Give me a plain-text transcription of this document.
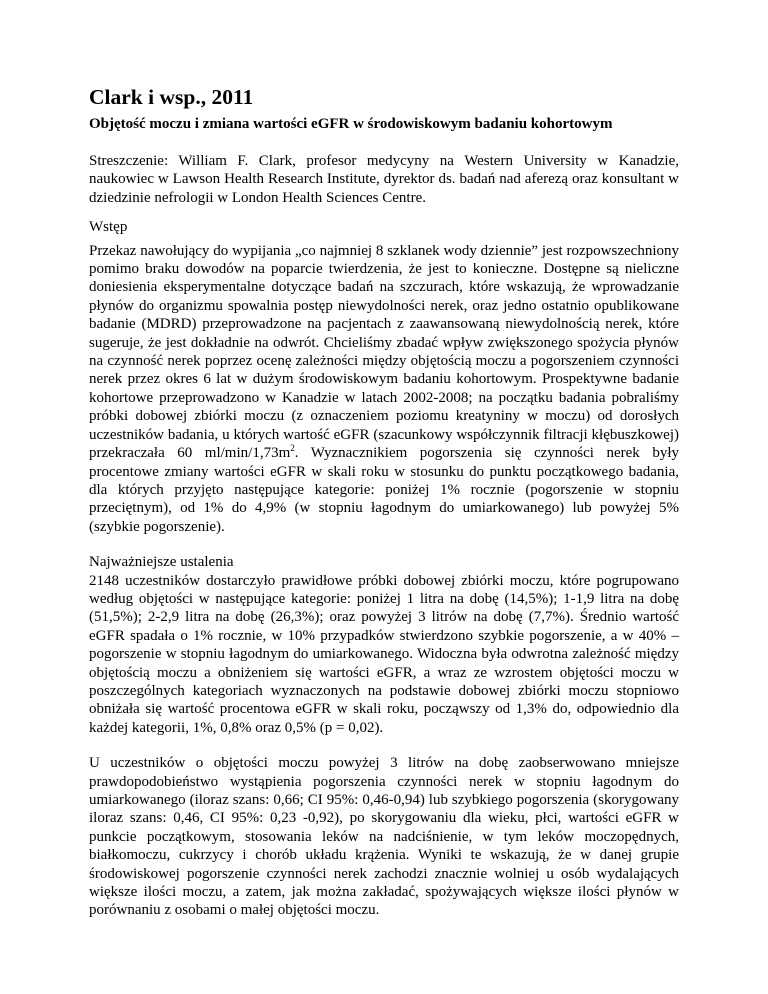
Clark i wsp., 2011

Objętość moczu i zmiana wartości eGFR w środowiskowym badaniu kohortowym

Streszczenie: William F. Clark, profesor medycyny na Western University w Kanadzie, naukowiec w Lawson Health Research Institute, dyrektor ds. badań nad aferezą oraz konsultant w dziedzinie nefrologii w London Health Sciences Centre.

Wstęp

Przekaz nawołujący do wypijania „co najmniej 8 szklanek wody dziennie” jest rozpowszechniony pomimo braku dowodów na poparcie twierdzenia, że jest to konieczne. Dostępne są nieliczne doniesienia eksperymentalne dotyczące badań na szczurach, które wskazują, że wprowadzanie płynów do organizmu spowalnia postęp niewydolności nerek, oraz jedno ostatnio opublikowane badanie (MDRD) przeprowadzone na pacjentach z zaawansowaną niewydolnością nerek, które sugeruje, że jest dokładnie na odwrót. Chcieliśmy zbadać wpływ zwiększonego spożycia płynów na czynność nerek poprzez ocenę zależności między objętością moczu a pogorszeniem czynności nerek przez okres 6 lat w dużym środowiskowym badaniu kohortowym. Prospektywne badanie kohortowe przeprowadzono w Kanadzie w latach 2002-2008; na początku badania pobraliśmy próbki dobowej zbiórki moczu (z oznaczeniem poziomu kreatyniny w moczu) od dorosłych uczestników badania, u których wartość eGFR (szacunkowy współczynnik filtracji kłębuszkowej) przekraczała 60 $ml/\min/1,73m^2$. Wyznacznikiem pogorszenia się czynności nerek były procentowe zmiany wartości eGFR w skali roku w stosunku do punktu początkowego badania, dla których przyjęto następujące kategorie: poniżej 1% rocznie (pogorszenie w stopniu przeciętnym), od 1% do 4,9% (w stopniu łagodnym do umiarkowanego) lub powyżej 5% (szybkie pogorszenie).

Najważniejsze ustalenia

2148 uczestników dostarczyło prawidłowe próbki dobowej zbiórki moczu, które pogrupowano według objętości w następujące kategorie: poniżej 1 litra na dobę (14,5%); 1-1,9 litra na dobę (51,5%); 2-2,9 litra na dobę (26,3%); oraz powyżej 3 litrów na dobę (7,7%). Średnio wartość eGFR spadała o 1% rocznie, w 10% przypadków stwierdzono szybkie pogorszenie, a w 40% – pogorszenie w stopniu łagodnym do umiarkowanego. Widoczna była odwrotna zależność między objętością moczu a obniżeniem się wartości eGFR, a wraz ze wzrostem objętości moczu w poszczególnych kategoriach wyznaczonych na podstawie dobowej zbiórki moczu stopniowo obniżała się wartość procentowa eGFR w skali roku, począwszy od 1,3% do, odpowiednio dla każdej kategorii, 1%, 0,8% oraz 0,5% (p = 0,02).

U uczestników o objętości moczu powyżej 3 litrów na dobę zaobserwowano mniejsze prawdopodobieństwo wystąpienia pogorszenia czynności nerek w stopniu łagodnym do umiarkowanego (iloraz szans: 0,66; CI 95%: 0,46-0,94) lub szybkiego pogorszenia (skorygowany iloraz szans: 0,46, CI 95%: 0,23 -0,92), po skorygowaniu dla wieku, płci, wartości eGFR w punkcie początkowym, stosowania leków na nadciśnienie, w tym leków moczopędnych, białkomoczu, cukrzycy i chorób układu krążenia. Wyniki te wskazują, że w danej grupie środowiskowej pogorszenie czynności nerek zachodzi znacznie wolniej u osób wydalających większe ilości moczu, a zatem, jak można zakładać, spożywających większe ilości płynów w porównaniu z osobami o małej objętości moczu.
